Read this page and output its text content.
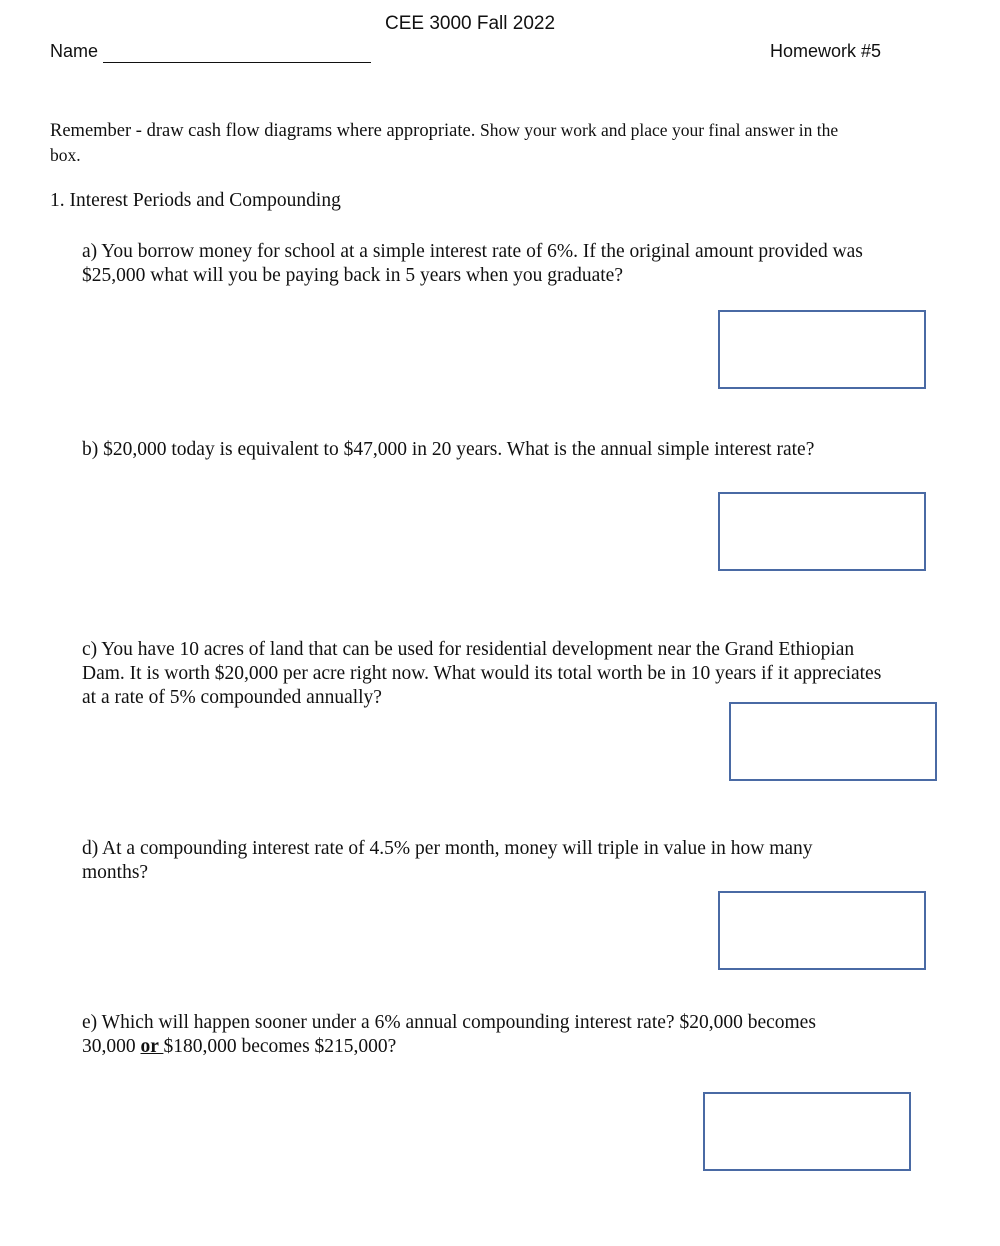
CEE 3000 Fall 2022
Name	Homework #5
Remember - draw cash flow diagrams where appropriate. Show your work and place your final answer in the box.
1. Interest Periods and Compounding
a) You borrow money for school at a simple interest rate of 6%. If the original amount provided was $25,000 what will you be paying back in 5 years when you graduate?
b) $20,000 today is equivalent to $47,000 in 20 years. What is the annual simple interest rate?
c) You have 10 acres of land that can be used for residential development near the Grand Ethiopian Dam. It is worth $20,000 per acre right now. What would its total worth be in 10 years if it appreciates at a rate of 5% compounded annually?
d) At a compounding interest rate of 4.5% per month, money will triple in value in how many months?
e) Which will happen sooner under a 6% annual compounding interest rate? $20,000 becomes 30,000 or $180,000 becomes $215,000?
